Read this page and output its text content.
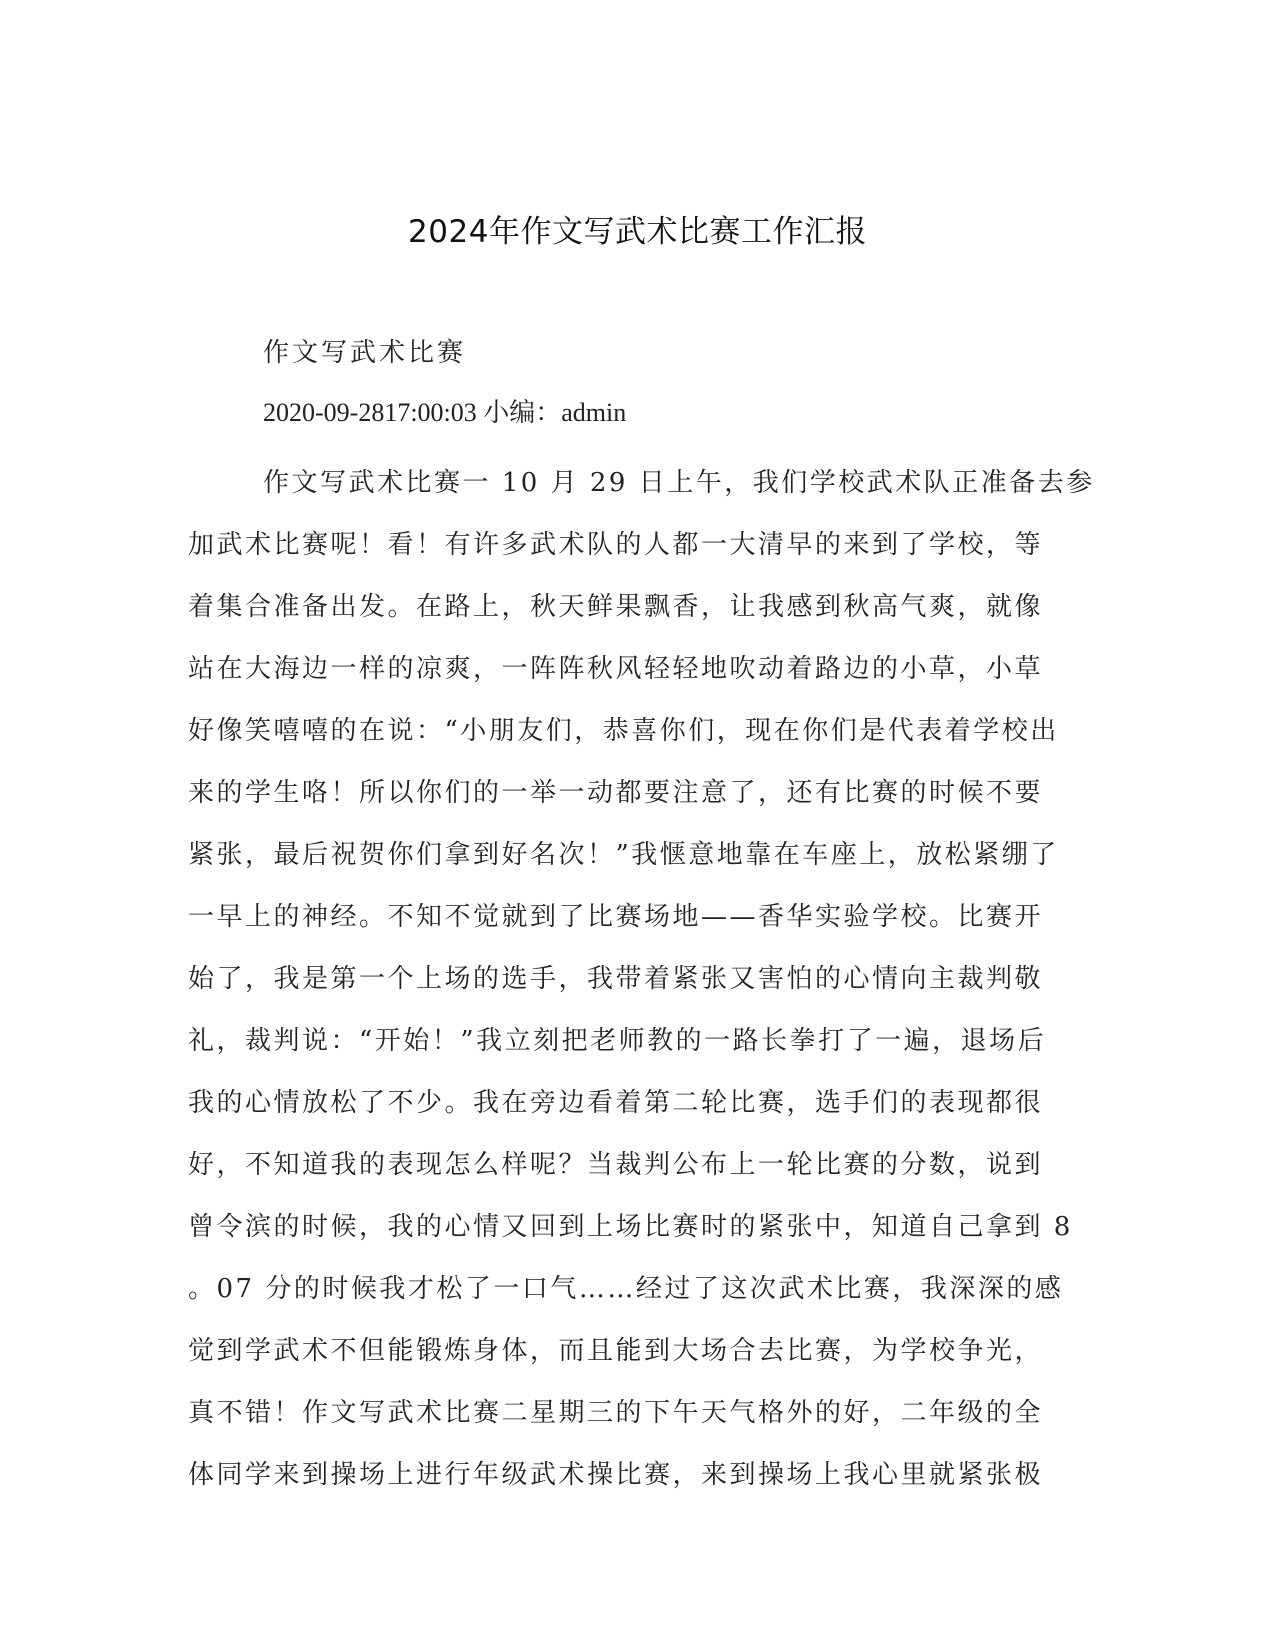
2024年作文写武术比赛工作汇报
作文写武术比赛
2020-09-2817:00:03 小编：admin
作文写武术比赛一 10 月 29 日上午，我们学校武术队正准备去参
加武术比赛呢！看！有许多武术队的人都一大清早的来到了学校，等
着集合准备出发。在路上，秋天鲜果飘香，让我感到秋高气爽，就像
站在大海边一样的凉爽，一阵阵秋风轻轻地吹动着路边的小草，小草
好像笑嘻嘻的在说：“小朋友们，恭喜你们，现在你们是代表着学校出
来的学生咯！所以你们的一举一动都要注意了，还有比赛的时候不要
紧张，最后祝贺你们拿到好名次！”我惬意地靠在车座上，放松紧绷了
一早上的神经。不知不觉就到了比赛场地——香华实验学校。比赛开
始了，我是第一个上场的选手，我带着紧张又害怕的心情向主裁判敬
礼，裁判说：“开始！”我立刻把老师教的一路长拳打了一遍，退场后
我的心情放松了不少。我在旁边看着第二轮比赛，选手们的表现都很
好，不知道我的表现怎么样呢？当裁判公布上一轮比赛的分数，说到
曾令滨的时候，我的心情又回到上场比赛时的紧张中，知道自己拿到 8
。07 分的时候我才松了一口气……经过了这次武术比赛，我深深的感
觉到学武术不但能锻炼身体，而且能到大场合去比赛，为学校争光，
真不错！作文写武术比赛二星期三的下午天气格外的好，二年级的全
体同学来到操场上进行年级武术操比赛，来到操场上我心里就紧张极
